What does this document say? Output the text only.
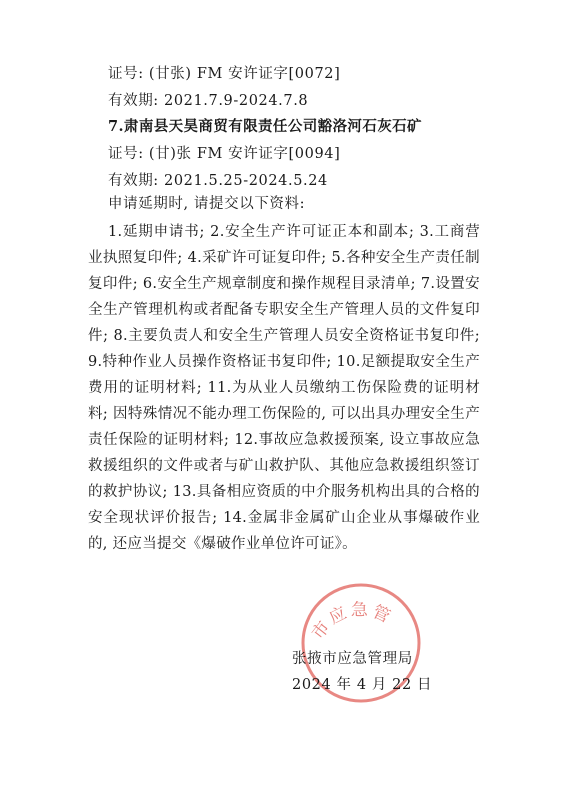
证号: (甘张) FM 安许证字[0072]
有效期: 2021.7.9-2024.7.8
7.肃南县天昊商贸有限责任公司豁洛河石灰石矿
证号: (甘)张 FM 安许证字[0094]
有效期: 2021.5.25-2024.5.24
申请延期时, 请提交以下资料:
1.延期申请书; 2.安全生产许可证正本和副本; 3.工商营业执照复印件; 4.采矿许可证复印件; 5.各种安全生产责任制复印件; 6.安全生产规章制度和操作规程目录清单; 7.设置安全生产管理机构或者配备专职安全生产管理人员的文件复印件; 8.主要负责人和安全生产管理人员安全资格证书复印件; 9.特种作业人员操作资格证书复印件; 10.足额提取安全生产费用的证明材料; 11.为从业人员缴纳工伤保险费的证明材料; 因特殊情况不能办理工伤保险的, 可以出具办理安全生产责任保险的证明材料; 12.事故应急救援预案, 设立事故应急救援组织的文件或者与矿山救护队、其他应急救援组织签订的救护协议; 13.具备相应资质的中介服务机构出具的合格的安全现状评价报告; 14.金属非金属矿山企业从事爆破作业的, 还应当提交《爆破作业单位许可证》。
市应急管
张掖市应急管理局
2024 年 4 月 22 日
